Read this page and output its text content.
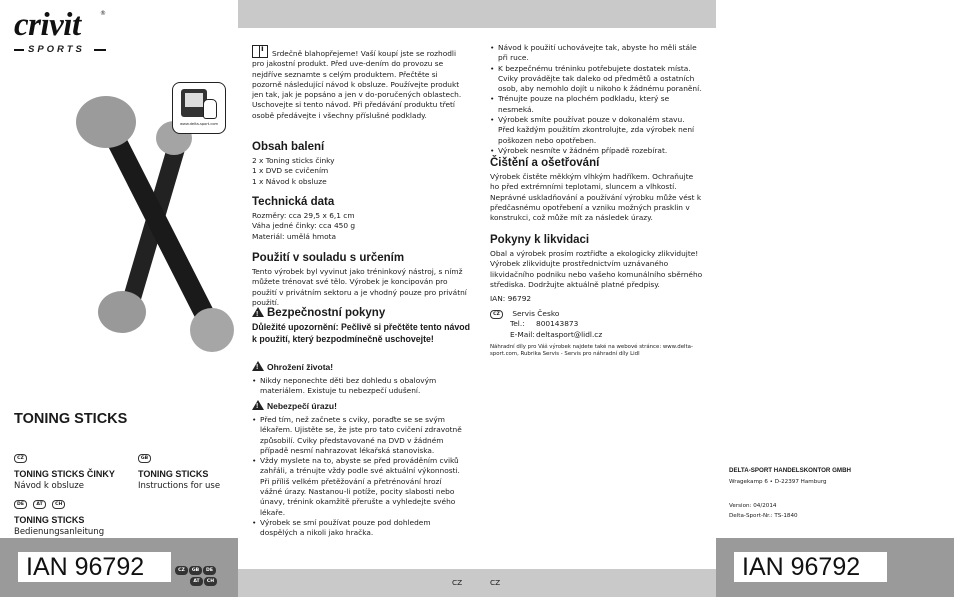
crivit	®
SPORTS
www.delta-sport.com
TONING STICKS
CZ
TONING STICKS ČINKY
Návod k obsluze
GB
TONING STICKS
Instructions for use
DE	AT	CH
TONING STICKS
Bedienungsanleitung
IAN 96792	CZ GB DE
AT CH
iSrdečně blahopřejeme! Vaší koupí jste se rozhodli pro jakostní produkt. Před uve-dením do provozu se nejdříve seznamte s celým produktem. Přečtěte si pozorně následující návod k obsluze. Používejte produkt jen tak, jak je popsáno a jen v do-poručených oblastech. Uschovejte si tento návod. Při předávání produktu třetí osobě předávejte i všechny příslušné podklady.
Obsah balení
2 x Toning sticks činky
1 x DVD se cvičením
1 x Návod k obsluze
Technická data
Rozměry: cca 29,5 x 6,1 cm
Váha jedné činky: cca 450 g
Materiál: umělá hmota
Použití v souladu s určením
Tento výrobek byl vyvinut jako tréninkový nástroj, s nímž můžete trénovat své tělo. Výrobek je koncipován pro použití v privátním sektoru a je vhodný pouze pro privátní použití.
!Bezpečnostní pokyny
Důležité upozornění: Pečlivě si přečtěte tento návod k použití, který bezpodmínečně uschovejte!
!Ohrožení života!
• Nikdy neponechte děti bez dohledu s obalovým materiálem. Existuje tu nebezpečí udušení.
!Nebezpečí úrazu!
• Před tím, než začnete s cviky, poraďte se se svým lékařem. Ujistěte se, že jste pro tato cvičení zdravotně způsobilí. Cviky představované na DVD v žádném případě nesmí nahrazovat lékařská stanoviska.
• Vždy myslete na to, abyste se před prováděním cviků zahřáli, a trénujte vždy podle své aktuální výkonnosti. Při příliš velkém přetěžování a přetrénování hrozí vážné úrazy. Nastanou-li potíže, pocity slabosti nebo únavy, trénink okamžitě přerušte a vyhledejte svého lékaře.
• Výrobek se smí používat pouze pod dohledem dospělých a nikoli jako hračka.
CZ
• Návod k použití uchovávejte tak, abyste ho měli stále při ruce.
• K bezpečnému tréninku potřebujete dostatek místa. Cviky provádějte tak daleko od předmětů a ostatních osob, aby nemohlo dojít u nikoho k žádnému poranění.
• Trénujte pouze na plochém podkladu, který se nesmeká.
• Výrobek smíte používat pouze v dokonalém stavu. Před každým použitím zkontrolujte, zda výrobek není poškozen nebo opotřeben.
• Výrobek nesmíte v žádném případě rozebírat.
Čištění a ošetřování
Výrobek čistěte měkkým vlhkým hadříkem. Ochraňujte ho před extrémními teplotami, sluncem a vlhkostí. Neprávné uskladňování a používání výrobku může vést k předčasnému opotřebení a vzniku možných prasklin v konstrukci, což může mít za následek úrazy.
Pokyny k likvidaci
Obal a výrobek prosím roztřiďte a ekologicky zlikvidujte! Výrobek zlikvidujte prostřednictvím uznávaného likvidačního podniku nebo vašeho komunálního sběrného střediska. Dodržujte aktuálně platné předpisy.
IAN: 96792
CZ Servis Česko
Tel.: 800143873
E-Mail:deltasport@lidl.cz
Náhradní díly pro Váš výrobek najdete také na webové stránce: www.delta-sport.com, Rubrika Servis - Servis pro náhradní díly Lidl
CZ
DELTA-SPORT HANDELSKONTOR GMBH
Wragekamp 6 • D-22397 Hamburg
Version: 04/2014
Delta-Sport-Nr.: TS-1840
IAN 96792
